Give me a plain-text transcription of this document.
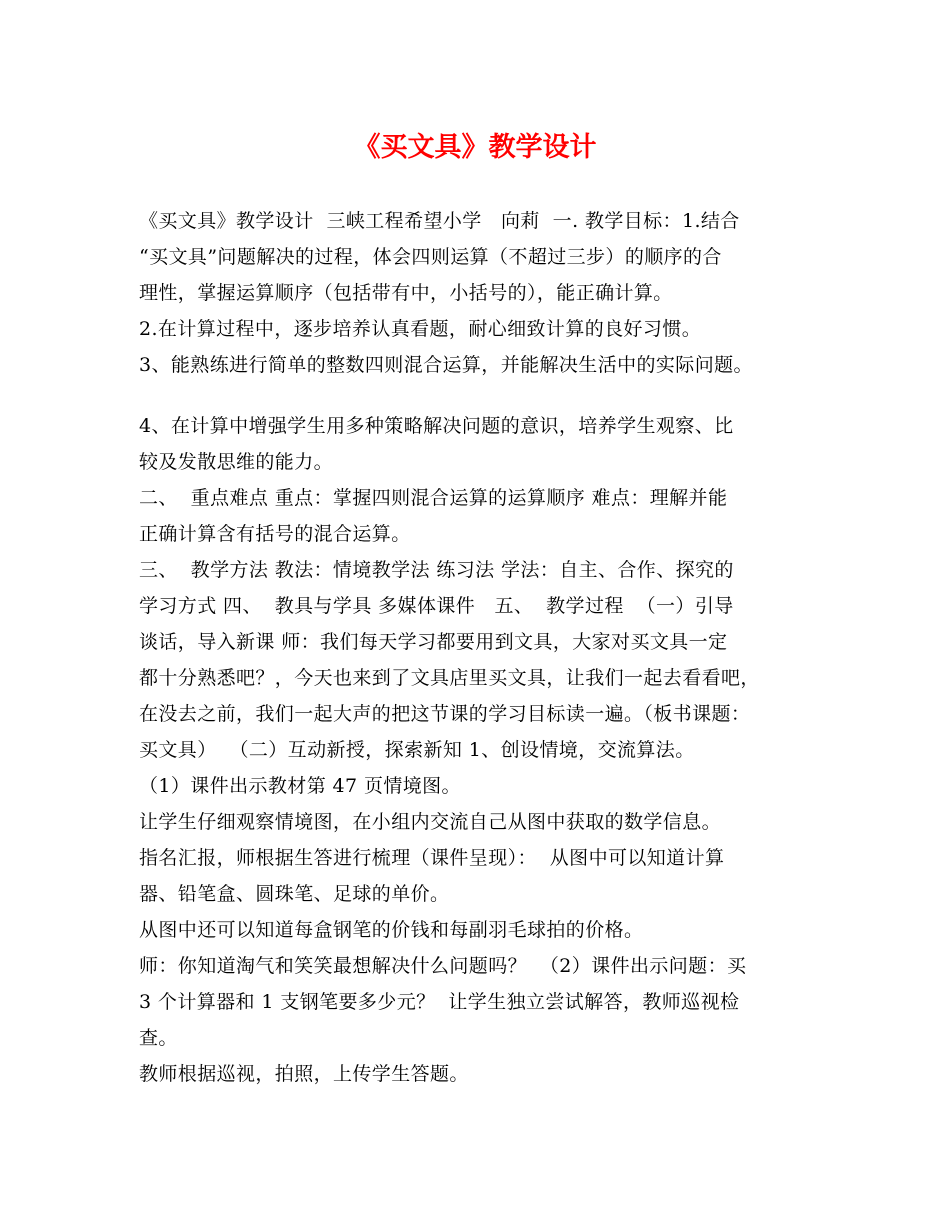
《买文具》教学设计
《买文具》教学设计  三峡工程希望小学   向莉  一. 教学目标：1.结合
“买文具”问题解决的过程，体会四则运算（不超过三步）的顺序的合
理性，掌握运算顺序（包括带有中，小括号的），能正确计算。
2.在计算过程中，逐步培养认真看题，耐心细致计算的良好习惯。
3、能熟练进行简单的整数四则混合运算，并能解决生活中的实际问题。
4、在计算中增强学生用多种策略解决问题的意识，培养学生观察、比
较及发散思维的能力。
二、  重点难点 重点：掌握四则混合运算的运算顺序 难点：理解并能
正确计算含有括号的混合运算。
三、  教学方法 教法：情境教学法 练习法 学法：自主、合作、探究的
学习方式 四、  教具与学具 多媒体课件   五、  教学过程  （一）引导
谈话，导入新课 师：我们每天学习都要用到文具，大家对买文具一定
都十分熟悉吧？，今天也来到了文具店里买文具，让我们一起去看看吧，
在没去之前，我们一起大声的把这节课的学习目标读一遍。（板书课题：
买文具）  （二）互动新授，探索新知 1、创设情境，交流算法。
（1）课件出示教材第 47 页情境图。
让学生仔细观察情境图，在小组内交流自己从图中获取的数学信息。
指名汇报，师根据生答进行梳理（课件呈现）：  从图中可以知道计算
器、铅笔盒、圆珠笔、足球的单价。
从图中还可以知道每盒钢笔的价钱和每副羽毛球拍的价格。
师：你知道淘气和笑笑最想解决什么问题吗？  （2）课件出示问题：买
3 个计算器和 1 支钢笔要多少元？  让学生独立尝试解答，教师巡视检
查。
教师根据巡视，拍照，上传学生答题。
